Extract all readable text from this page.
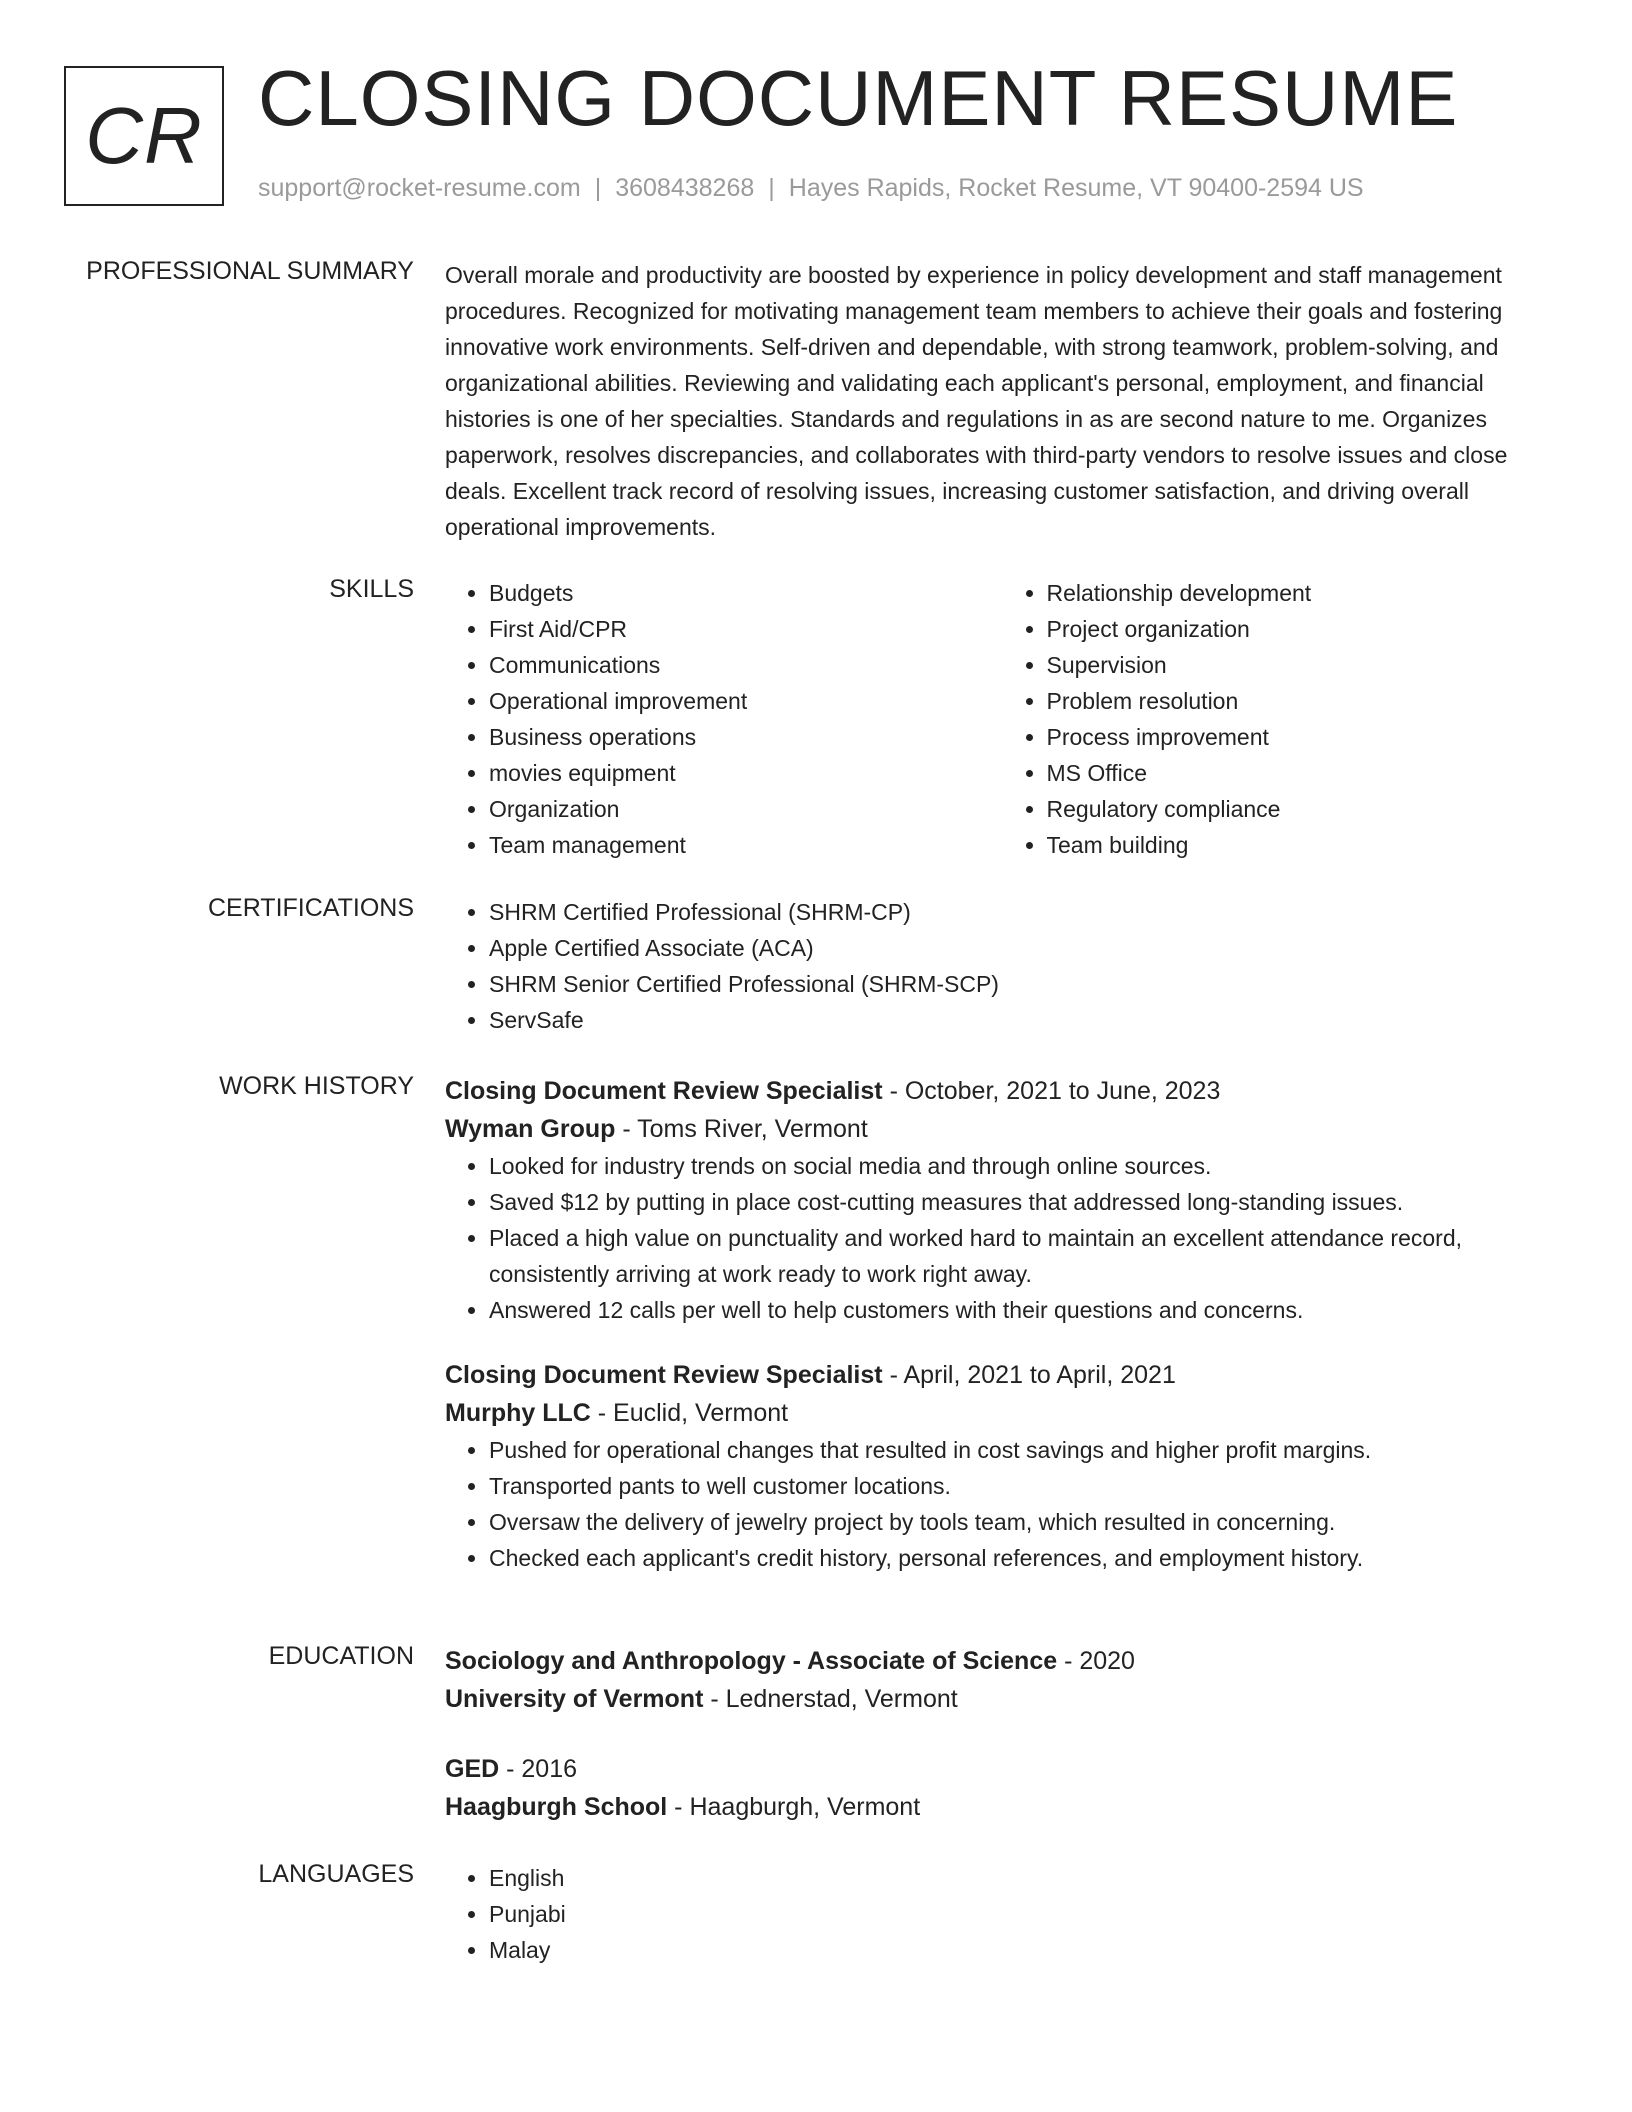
CR CLOSING DOCUMENT RESUME
support@rocket-resume.com | 3608438268 | Hayes Rapids, Rocket Resume, VT 90400-2594 US
PROFESSIONAL SUMMARY Overall morale and productivity are boosted by experience in policy development and staff management procedures. Recognized for motivating management team members to achieve their goals and fostering innovative work environments. Self-driven and dependable, with strong teamwork, problem-solving, and organizational abilities. Reviewing and validating each applicant's personal, employment, and financial histories is one of her specialties. Standards and regulations in as are second nature to me. Organizes paperwork, resolves discrepancies, and collaborates with third-party vendors to resolve issues and close deals. Excellent track record of resolving issues, increasing customer satisfaction, and driving overall operational improvements.

SKILLS	• Budgets
• First Aid/CPR
• Communications
• Operational improvement
• Business operations
• movies equipment
• Organization
• Team management
• Relationship development
• Project organization
• Supervision
• Problem resolution
• Process improvement
• MS Office
• Regulatory compliance
• Team building
CERTIFICATIONS	• SHRM Certified Professional (SHRM-CP)
• Apple Certified Associate (ACA)
• SHRM Senior Certified Professional (SHRM-SCP)
• ServSafe
WORK HISTORY Closing Document Review Specialist - October, 2021 to June, 2023
Wyman Group - Toms River, Vermont
• Looked for industry trends on social media and through online sources.
• Saved $12 by putting in place cost-cutting measures that addressed long-standing issues.
• Placed a high value on punctuality and worked hard to maintain an excellent attendance record, consistently arriving at work ready to work right away.
• Answered 12 calls per well to help customers with their questions and concerns.
Closing Document Review Specialist - April, 2021 to April, 2021
Murphy LLC - Euclid, Vermont
• Pushed for operational changes that resulted in cost savings and higher profit margins.
• Transported pants to well customer locations.
• Oversaw the delivery of jewelry project by tools team, which resulted in concerning.
• Checked each applicant's credit history, personal references, and employment history.
EDUCATION Sociology and Anthropology - Associate of Science - 2020
University of Vermont - Lednerstad, Vermont
GED - 2016
Haagburgh School - Haagburgh, Vermont
LANGUAGES	• English
• Punjabi
• Malay
